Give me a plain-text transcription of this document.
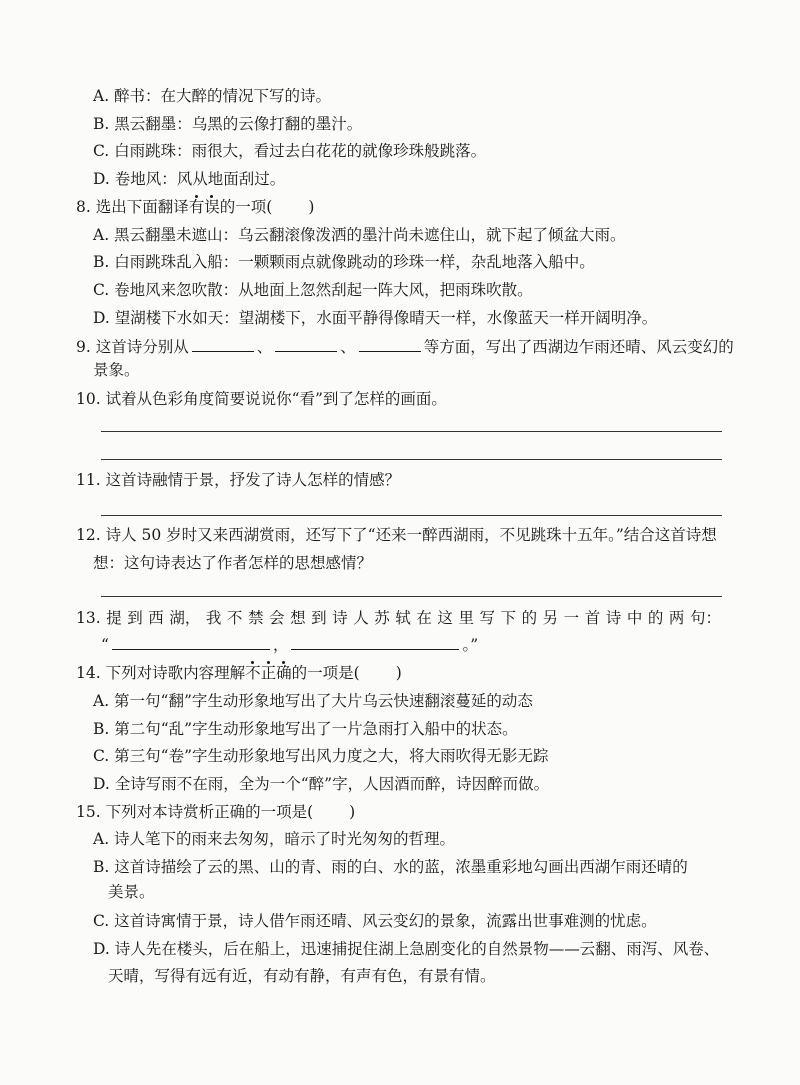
A. 醉书：在大醉的情况下写的诗。
B. 黑云翻墨：乌黑的云像打翻的墨汁。
C. 白雨跳珠：雨很大，看过去白花花的就像珍珠般跳落。
D. 卷地风：风从地面刮过。
8. 选出下面翻译有误的一项( )
A. 黑云翻墨未遮山：乌云翻滚像泼洒的墨汁尚未遮住山，就下起了倾盆大雨。
B. 白雨跳珠乱入船：一颗颗雨点就像跳动的珍珠一样，杂乱地落入船中。
C. 卷地风来忽吹散：从地面上忽然刮起一阵大风，把雨珠吹散。
D. 望湖楼下水如天：望湖楼下，水面平静得像晴天一样，水像蓝天一样开阔明净。
9. 这首诗分别从	、	、	等方面，写出了西湖边乍雨还晴、风云变幻的
景象。
10. 试着从色彩角度简要说说你“看”到了怎样的画面。
11. 这首诗融情于景，抒发了诗人怎样的情感？
12. 诗人 50 岁时又来西湖赏雨，还写下了“还来一醉西湖雨，不见跳珠十五年。”结合这首诗想
想：这句诗表达了作者怎样的思想感情？
13. 提 到 西 湖， 我 不 禁 会 想 到 诗 人 苏 轼 在 这 里 写 下 的 另 一 首 诗 中 的 两 句：
“	，	。”
14. 下列对诗歌内容理解不正确的一项是( )
A. 第一句“翻”字生动形象地写出了大片乌云快速翻滚蔓延的动态
B. 第二句“乱”字生动形象地写出了一片急雨打入船中的状态。
C. 第三句“卷”字生动形象地写出风力度之大，将大雨吹得无影无踪
D. 全诗写雨不在雨，全为一个“醉”字，人因酒而醉，诗因醉而做。
15. 下列对本诗赏析正确的一项是( )
A. 诗人笔下的雨来去匆匆，暗示了时光匆匆的哲理。
B. 这首诗描绘了云的黑、山的青、雨的白、水的蓝，浓墨重彩地勾画出西湖乍雨还晴的
美景。
C. 这首诗寓情于景，诗人借乍雨还晴、风云变幻的景象，流露出世事难测的忧虑。
D. 诗人先在楼头，后在船上，迅速捕捉住湖上急剧变化的自然景物——云翻、雨泻、风卷、
天晴，写得有远有近，有动有静，有声有色，有景有情。
